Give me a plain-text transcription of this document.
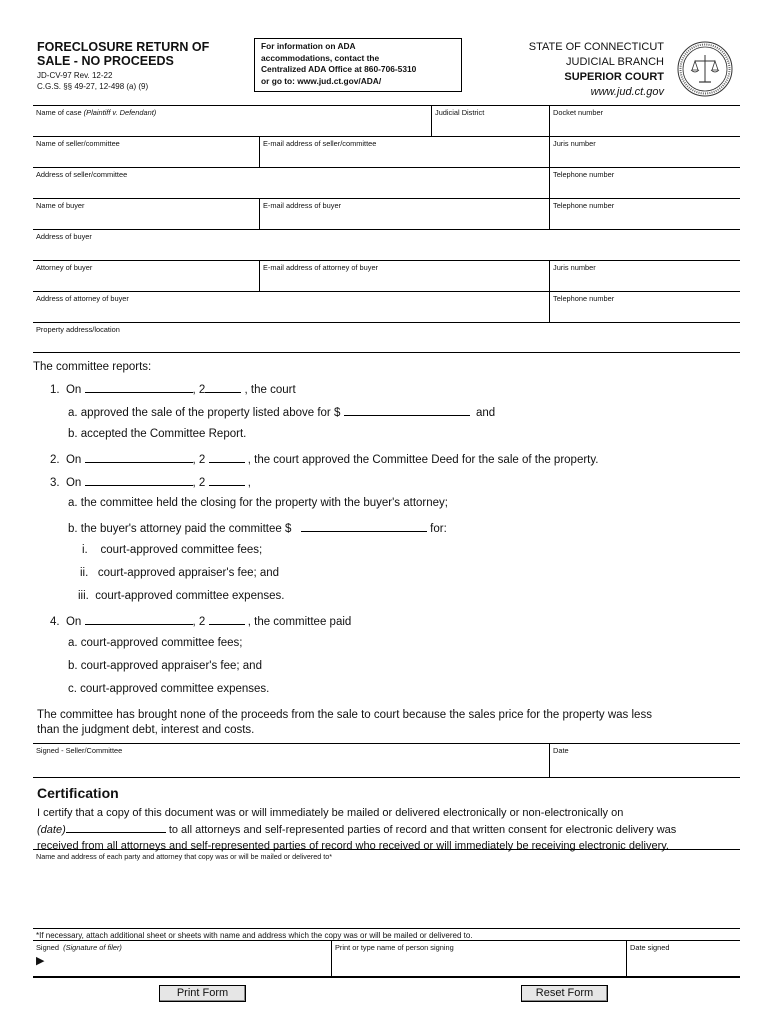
FORECLOSURE RETURN OF
SALE - NO PROCEEDS
JD-CV-97 Rev. 12-22
C.G.S. §§ 49-27, 12-498 (a) (9)
For information on ADA
accommodations, contact the
Centralized ADA Office at 860-706-5310
or go to: www.jud.ct.gov/ADA/
STATE OF CONNECTICUT
JUDICIAL BRANCH
SUPERIOR COURT
www.jud.ct.gov
Name of case (Plaintiff v. Defendant)	Judicial District	Docket number
Name of seller/committee	E-mail address of seller/committee	Juris number
Address of seller/committee	Telephone number
Name of buyer	E-mail address of buyer	Telephone number
Address of buyer
Attorney of buyer	E-mail address of attorney of buyer	Juris number
Address of attorney of buyer	Telephone number
Property address/location
The committee reports:
1. On	, 2	, the court
a. approved the sale of the property listed above for $	and
b. accepted the Committee Report.
2. On	, 2	, the court approved the Committee Deed for the sale of the property.
3. On	, 2	,
a. the committee held the closing for the property with the buyer's attorney;
b. the buyer's attorney paid the committee $	for:
i.    court-approved committee fees;
ii.   court-approved appraiser's fee; and
iii.  court-approved committee expenses.
4. On	, 2	, the committee paid
a. court-approved committee fees;
b. court-approved appraiser's fee; and
c. court-approved committee expenses.
The committee has brought none of the proceeds from the sale to court because the sales price for the property was less
than the judgment debt, interest and costs.
Signed - Seller/Committee	Date
Certification
I certify that a copy of this document was or will immediately be mailed or delivered electronically or non-electronically on
(date)	to all attorneys and self-represented parties of record and that written consent for electronic delivery was
received from all attorneys and self-represented parties of record who received or will immediately be receiving electronic delivery.
Name and address of each party and attorney that copy was or will be mailed or delivered to*
*If necessary, attach additional sheet or sheets with name and address which the copy was or will be mailed or delivered to.
Signed (Signature of filer)
▶
Print or type name of person signing	Date signed
Print Form	Reset Form
